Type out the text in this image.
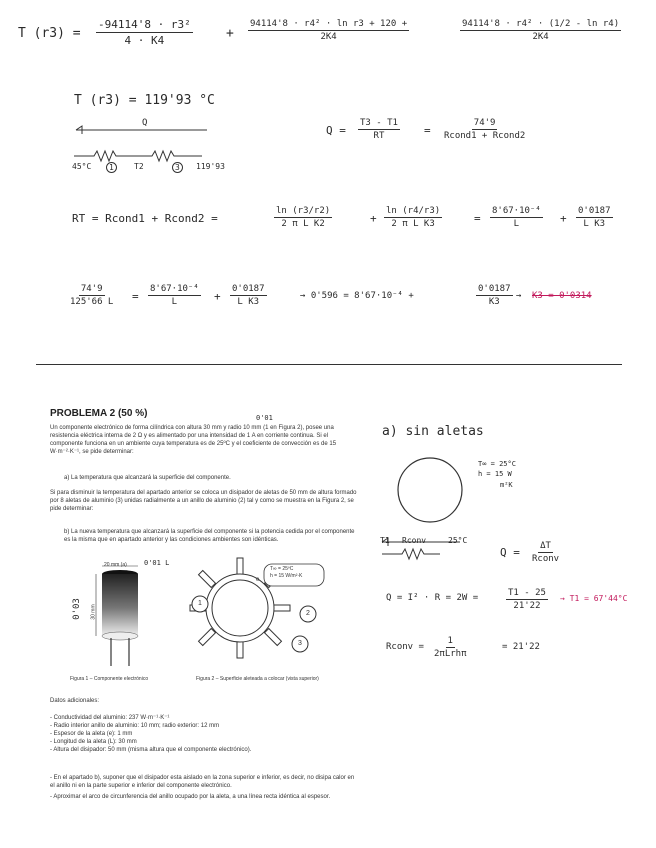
T $(r3) = \frac{\text{-94114'8 · r3²}}{4 \cdot K4}$	+ $\frac{\text{94114'8 · r4² · ln r3 + 120 +}}{2K4}$	$\frac{\text{94114'8 · r4² · (1/2 - ln r4)}}{2K4}$
T (r3) = 119'93 °C
Q
45°C	1	T2	3	119'93
$Q = \frac{T3 - T1}{RT}$ =
74'9
Rcond1 + Rcond2
RT = Rcond1 + Rcond2 =	$\frac{\ln (r3/r2)}{\text{2 π L K2}}$	+ $\frac{\ln (r4/r3)}{\text{2 π L K3}}$	= $\frac{\text{8'67·10⁻⁴}}{L} + \frac{0'0187}{\text{L K3}}$
$\frac{74'9}{125'66 L} = \frac{\text{8'67·10⁻⁴}}{L} + \frac{0'0187}{\text{L K3}}$	→ 0'596 = 8'67·10⁻⁴ +	$\frac{0'0187}{K3} \to K3 = 0'0314$
PROBLEMA 2 (50 %)	0'01
Un componente electrónico de forma cilíndrica con altura 30 mm y radio 10 mm (1 en Figura 2), posee una resistencia eléctrica interna de 2 Ω y es alimentado por una intensidad de 1 A en corriente continua. Si el componente funciona en un ambiente cuya temperatura es de 25ºC y el coeficiente de convección es de 15 W·m⁻²·K⁻¹, se pide determinar:
a) La temperatura que alcanzará la superficie del componente.
Si para disminuir la temperatura del apartado anterior se coloca un disipador de aletas de 50 mm de altura formado por 8 aletas de aluminio (3) unidas radialmente a un anillo de aluminio (2) tal y como se muestra en la Figura 2, se pide determinar:
b) La nueva temperatura que alcanzará la superficie del componente si la potencia cedida por el componente es la misma que en apartado anterior y las condiciones ambientes son idénticas.
20 mm (a) 0'01 L
30 mm
0'03
Figura 1 – Componente electrónico
T∞ = 25ºC
h = 15 W/m²·K
e
1
2
3
Figura 2 – Superficie aleteada a colocar (vista superior)
Datos adicionales:
- Conductividad del aluminio: 237 W·m⁻¹·K⁻¹
- Radio interior anillo de aluminio: 10 mm; radio exterior: 12 mm
- Espesor de la aleta (e): 1 mm
- Longitud de la aleta (L): 30 mm
- Altura del disipador: 50 mm (misma altura que el componente electrónico).
- En el apartado b), suponer que el disipador esta aislado en la zona superior e inferior, es decir, no disipa calor en el anillo ni en la parte superior e inferior del componente electrónico.
- Aproximar el arco de circunferencia del anillo ocupado por la aleta, a una línea recta idéntica al espesor.
a) sin aletas
T∞ = 25°C
h = 15 W
m²K
T1 Rconv	25°C
Q = ΔT
Rconv
Q = I² · R = 2W =	$\frac{T1 - 25}{21'22} \to T1 = 67'44^\circ C$
Rconv =
1
2πLrhπ
= 21'22
